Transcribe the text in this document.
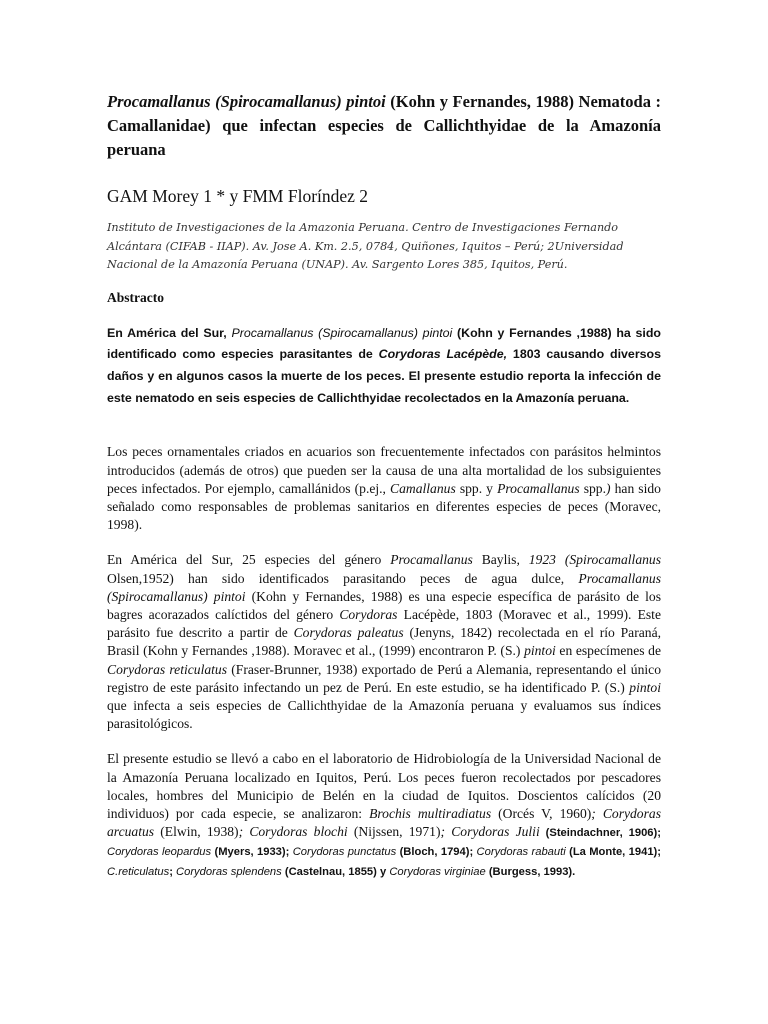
Procamallanus (Spirocamallanus) pintoi (Kohn y Fernandes, 1988) Nematoda : Camallanidae) que infectan especies de Callichthyidae de la Amazonía peruana

GAM Morey 1 * y FMM Floríndez 2

Instituto de Investigaciones de la Amazonia Peruana. Centro de Investigaciones Fernando Alcántara (CIFAB - IIAP). Av. Jose A. Km. 2.5, 0784, Quiñones, Iquitos – Perú; 2Universidad Nacional de la Amazonía Peruana (UNAP). Av. Sargento Lores 385, Iquitos, Perú.

Abstracto

En América del Sur, Procamallanus (Spirocamallanus) pintoi (Kohn y Fernandes ,1988) ha sido identificado como especies parasitantes de Corydoras Lacépède, 1803 causando diversos daños y en algunos casos la muerte de los peces. El presente estudio reporta la infección de este nematodo en seis especies de Callichthyidae recolectados en la Amazonía peruana.

Los peces ornamentales criados en acuarios son frecuentemente infectados con parásitos helmintos introducidos (además de otros) que pueden ser la causa de una alta mortalidad de los subsiguientes peces infectados. Por ejemplo, camallánidos (p.ej., Camallanus spp. y Procamallanus spp.) han sido señalado como responsables de problemas sanitarios en diferentes especies de peces (Moravec, 1998).

En América del Sur, 25 especies del género Procamallanus Baylis, 1923 (Spirocamallanus Olsen,1952) han sido identificados parasitando peces de agua dulce, Procamallanus (Spirocamallanus) pintoi (Kohn y Fernandes, 1988) es una especie específica de parásito de los bagres acorazados calíctidos del género Corydoras Lacépède, 1803 (Moravec et al., 1999). Este parásito fue descrito a partir de Corydoras paleatus (Jenyns, 1842) recolectada en el río Paraná, Brasil (Kohn y Fernandes ,1988). Moravec et al., (1999) encontraron P. (S.) pintoi en especímenes de Corydoras reticulatus (Fraser-Brunner, 1938) exportado de Perú a Alemania, representando el único registro de este parásito infectando un pez de Perú. En este estudio, se ha identificado P. (S.) pintoi que infecta a seis especies de Callichthyidae de la Amazonía peruana y evaluamos sus índices parasitológicos.

El presente estudio se llevó a cabo en el laboratorio de Hidrobiología de la Universidad Nacional de la Amazonía Peruana localizado en Iquitos, Perú. Los peces fueron recolectados por pescadores locales, hombres del Municipio de Belén en la ciudad de Iquitos. Doscientos calícidos (20 individuos) por cada especie, se analizaron: Brochis multiradiatus (Orcés V, 1960); Corydoras arcuatus (Elwin, 1938); Corydoras blochi (Nijssen, 1971); Corydoras Julii (Steindachner, 1906); Corydoras leopardus (Myers, 1933); Corydoras punctatus (Bloch, 1794); Corydoras rabauti (La Monte, 1941); C.reticulatus; Corydoras splendens (Castelnau, 1855) y Corydoras virginiae (Burgess, 1993).
